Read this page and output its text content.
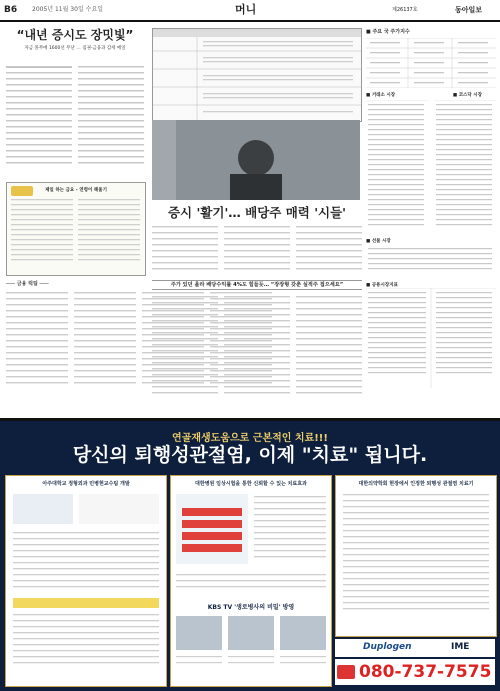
B6 2005년 11월 30일 수요일	머니	제26137호	동아일보
“내년 증시도 장밋빛”
자금 몰무매 1600선 무난 … 집권·금융과 감세 메일
제일 하는 금요 - 연령이 헤울기
─── 금융 럭팀 ───
증시 '활기'… 배당주 매력 '시들'
주가 있던 올라 배당수익률 4%도 힘들듯… “장장형 갖춘 실적주 접으세요”
■ 주요 국 주가지수
■ 거래소 시장	■ 코스닥 시장
■ 선물 시장
■ 공용시장지표
연골재생도움으로 근본적인 치료!!!
당신의 퇴행성관절염, 이제 "치료" 됩니다.
아주대학교 정형외과 민병현교수팀 개발	대한병원 임상시험을 통한 신뢰할 수 있는 치료효과
KBS TV '생로병사의 비밀' 방영
대한의약학회 현장에서 인정한 퇴행성 관절염 치료기
Duplogen	IME
080-737-7575
